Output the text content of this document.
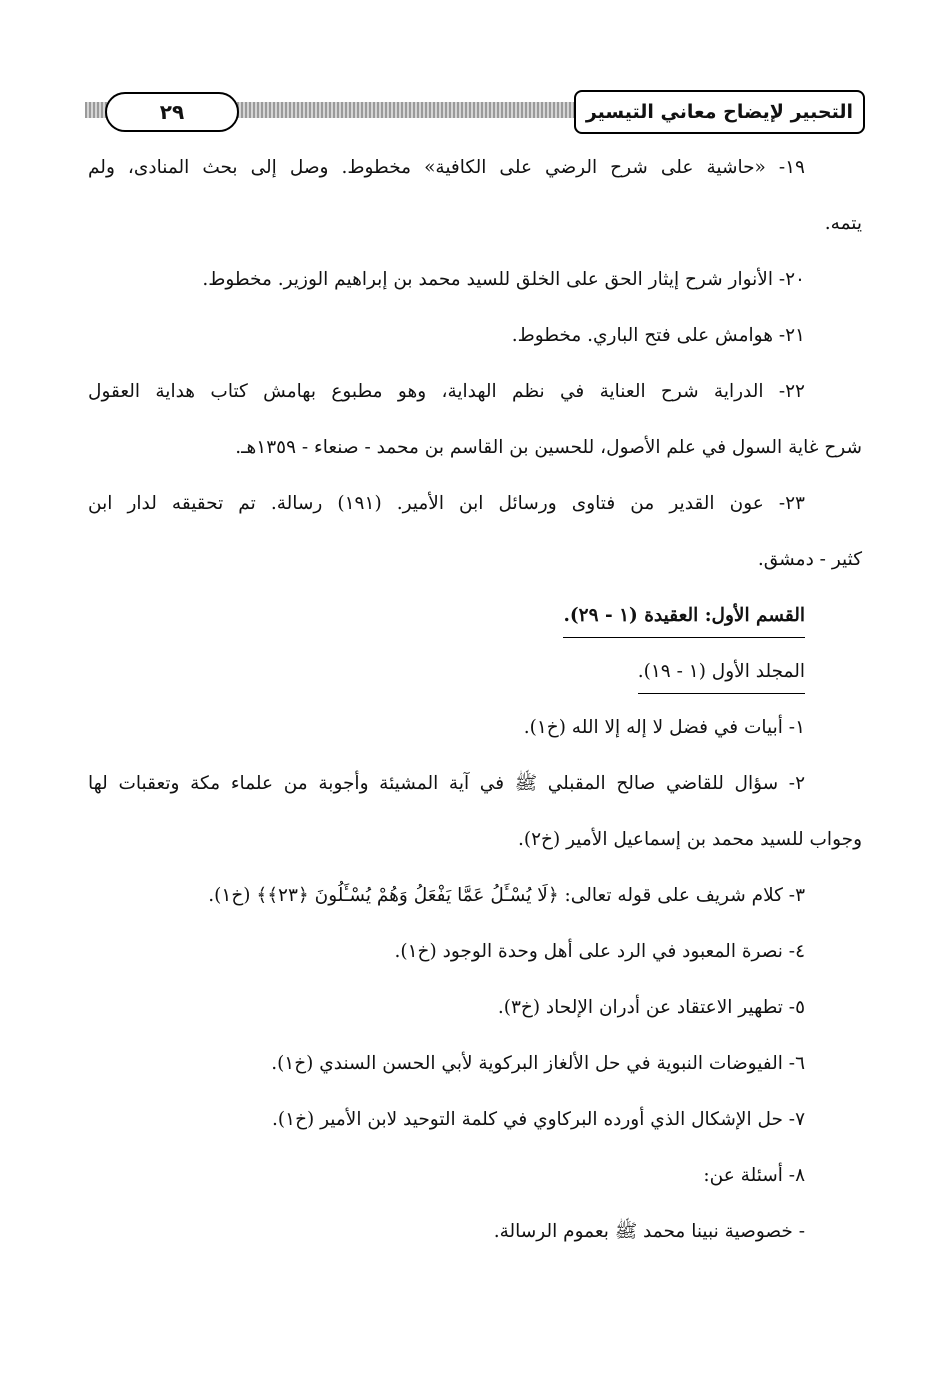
التحبير لإيضاح معاني التيسير
٢٩

١٩- «حاشية على شرح الرضي على الكافية» مخطوط. وصل إلى بحث المنادى، ولم

يتمه.

٢٠- الأنوار شرح إيثار الحق على الخلق للسيد محمد بن إبراهيم الوزير. مخطوط.

٢١- هوامش على فتح الباري. مخطوط.

٢٢- الدراية شرح العناية في نظم الهداية، وهو مطبوع بهامش كتاب هداية العقول

شرح غاية السول في علم الأصول، للحسين بن القاسم بن محمد - صنعاء - ١٣٥٩هـ.

٢٣- عون القدير من فتاوى ورسائل ابن الأمير. (١٩١) رسالة. تم تحقيقه لدار ابن

كثير - دمشق.

القسم الأول: العقيدة (١ - ٢٩).
المجلد الأول (١ - ١٩).

١- أبيات في فضل لا إله إلا الله (خ١).

٢- سؤال للقاضي صالح المقبلي ﷺ في آية المشيئة وأجوبة من علماء مكة وتعقبات لها

وجواب للسيد محمد بن إسماعيل الأمير (خ٢).

٣- كلام شريف على قوله تعالى: ﴿لَا يُسْـَٔلُ عَمَّا يَفْعَلُ وَهُمْ يُسْـَٔلُونَ ﴿٢٣﴾﴾ (خ١).

٤- نصرة المعبود في الرد على أهل وحدة الوجود (خ١).

٥- تطهير الاعتقاد عن أدران الإلحاد (خ٣).

٦- الفيوضات النبوية في حل الألغاز البركوية لأبي الحسن السندي (خ١).

٧- حل الإشكال الذي أورده البركاوي في كلمة التوحيد لابن الأمير (خ١).

٨- أسئلة عن:

- خصوصية نبينا محمد ﷺ بعموم الرسالة.
